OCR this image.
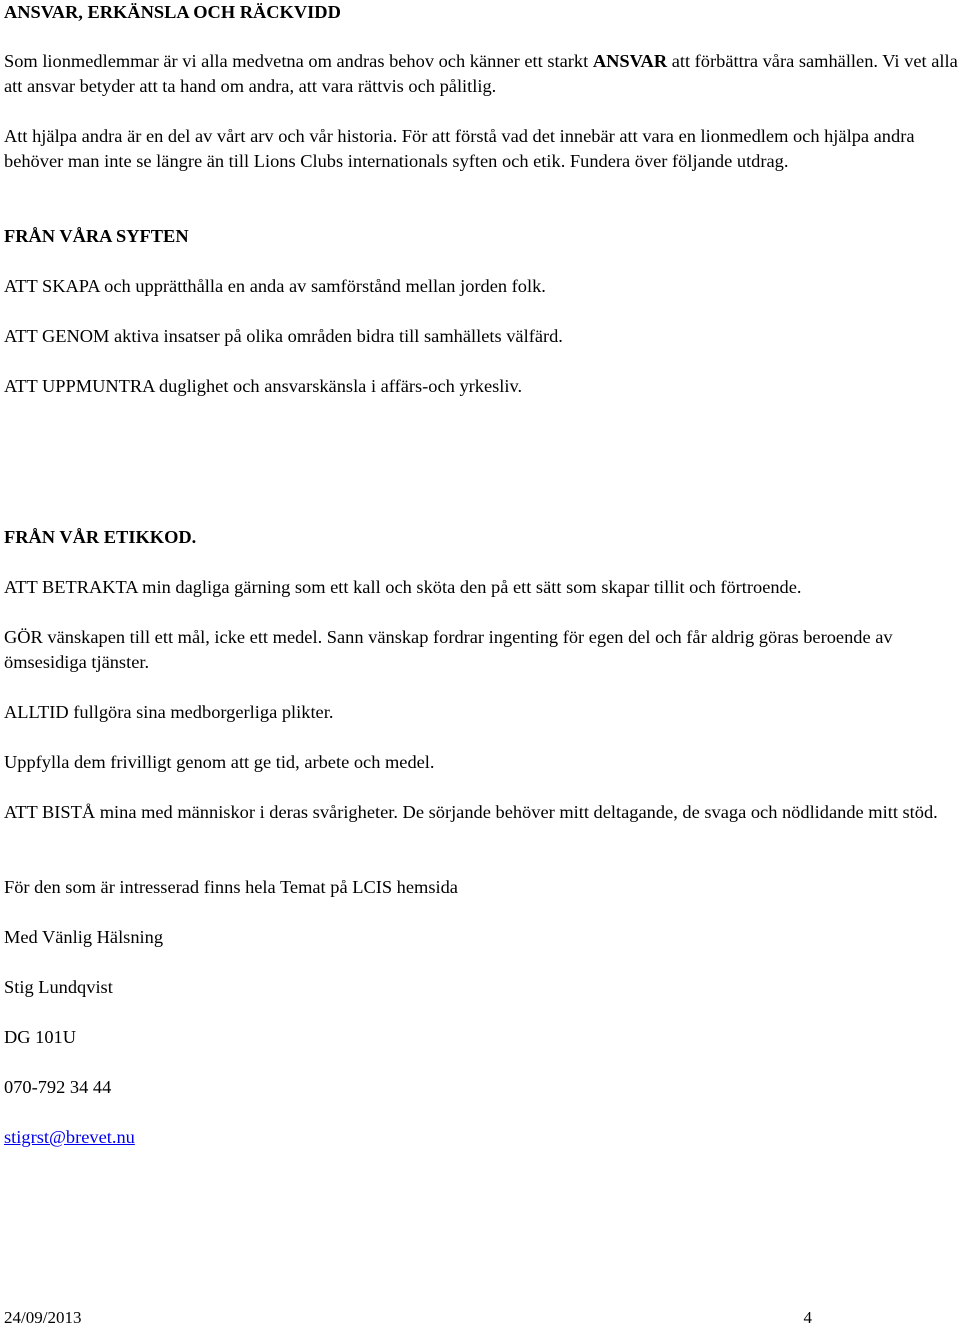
ANSVAR, ERKÄNSLA OCH RÄCKVIDD

Som lionmedlemmar är vi alla medvetna om andras behov och känner ett starkt ANSVAR att förbättra våra samhällen. Vi vet alla att ansvar betyder att ta hand om andra, att vara rättvis och pålitlig.

Att hjälpa andra är en del av vårt arv och vår historia. För att förstå vad det innebär att vara en lionmedlem och hjälpa andra behöver man inte se längre än till Lions Clubs internationals syften och etik. Fundera över följande utdrag.

FRÅN VÅRA SYFTEN

ATT SKAPA och upprätthålla en anda av samförstånd mellan jorden folk.

ATT GENOM aktiva insatser på olika områden bidra till samhällets välfärd.

ATT UPPMUNTRA duglighet och ansvarskänsla i affärs-och yrkesliv.

FRÅN VÅR ETIKKOD.

ATT BETRAKTA min dagliga gärning som ett kall och sköta den på ett sätt som skapar tillit och förtroende.

GÖR vänskapen till ett mål, icke ett medel. Sann vänskap fordrar ingenting för egen del och får aldrig göras beroende av ömsesidiga tjänster.

ALLTID fullgöra sina medborgerliga plikter.

Uppfylla dem frivilligt genom att ge tid, arbete och medel.

ATT BISTÅ mina med människor i deras svårigheter. De sörjande behöver mitt deltagande, de svaga och nödlidande mitt stöd.

För den som är intresserad finns hela Temat på LCIS hemsida

Med Vänlig Hälsning

Stig Lundqvist

DG 101U

070-792 34 44

stigrst@brevet.nu

24/09/2013	4
